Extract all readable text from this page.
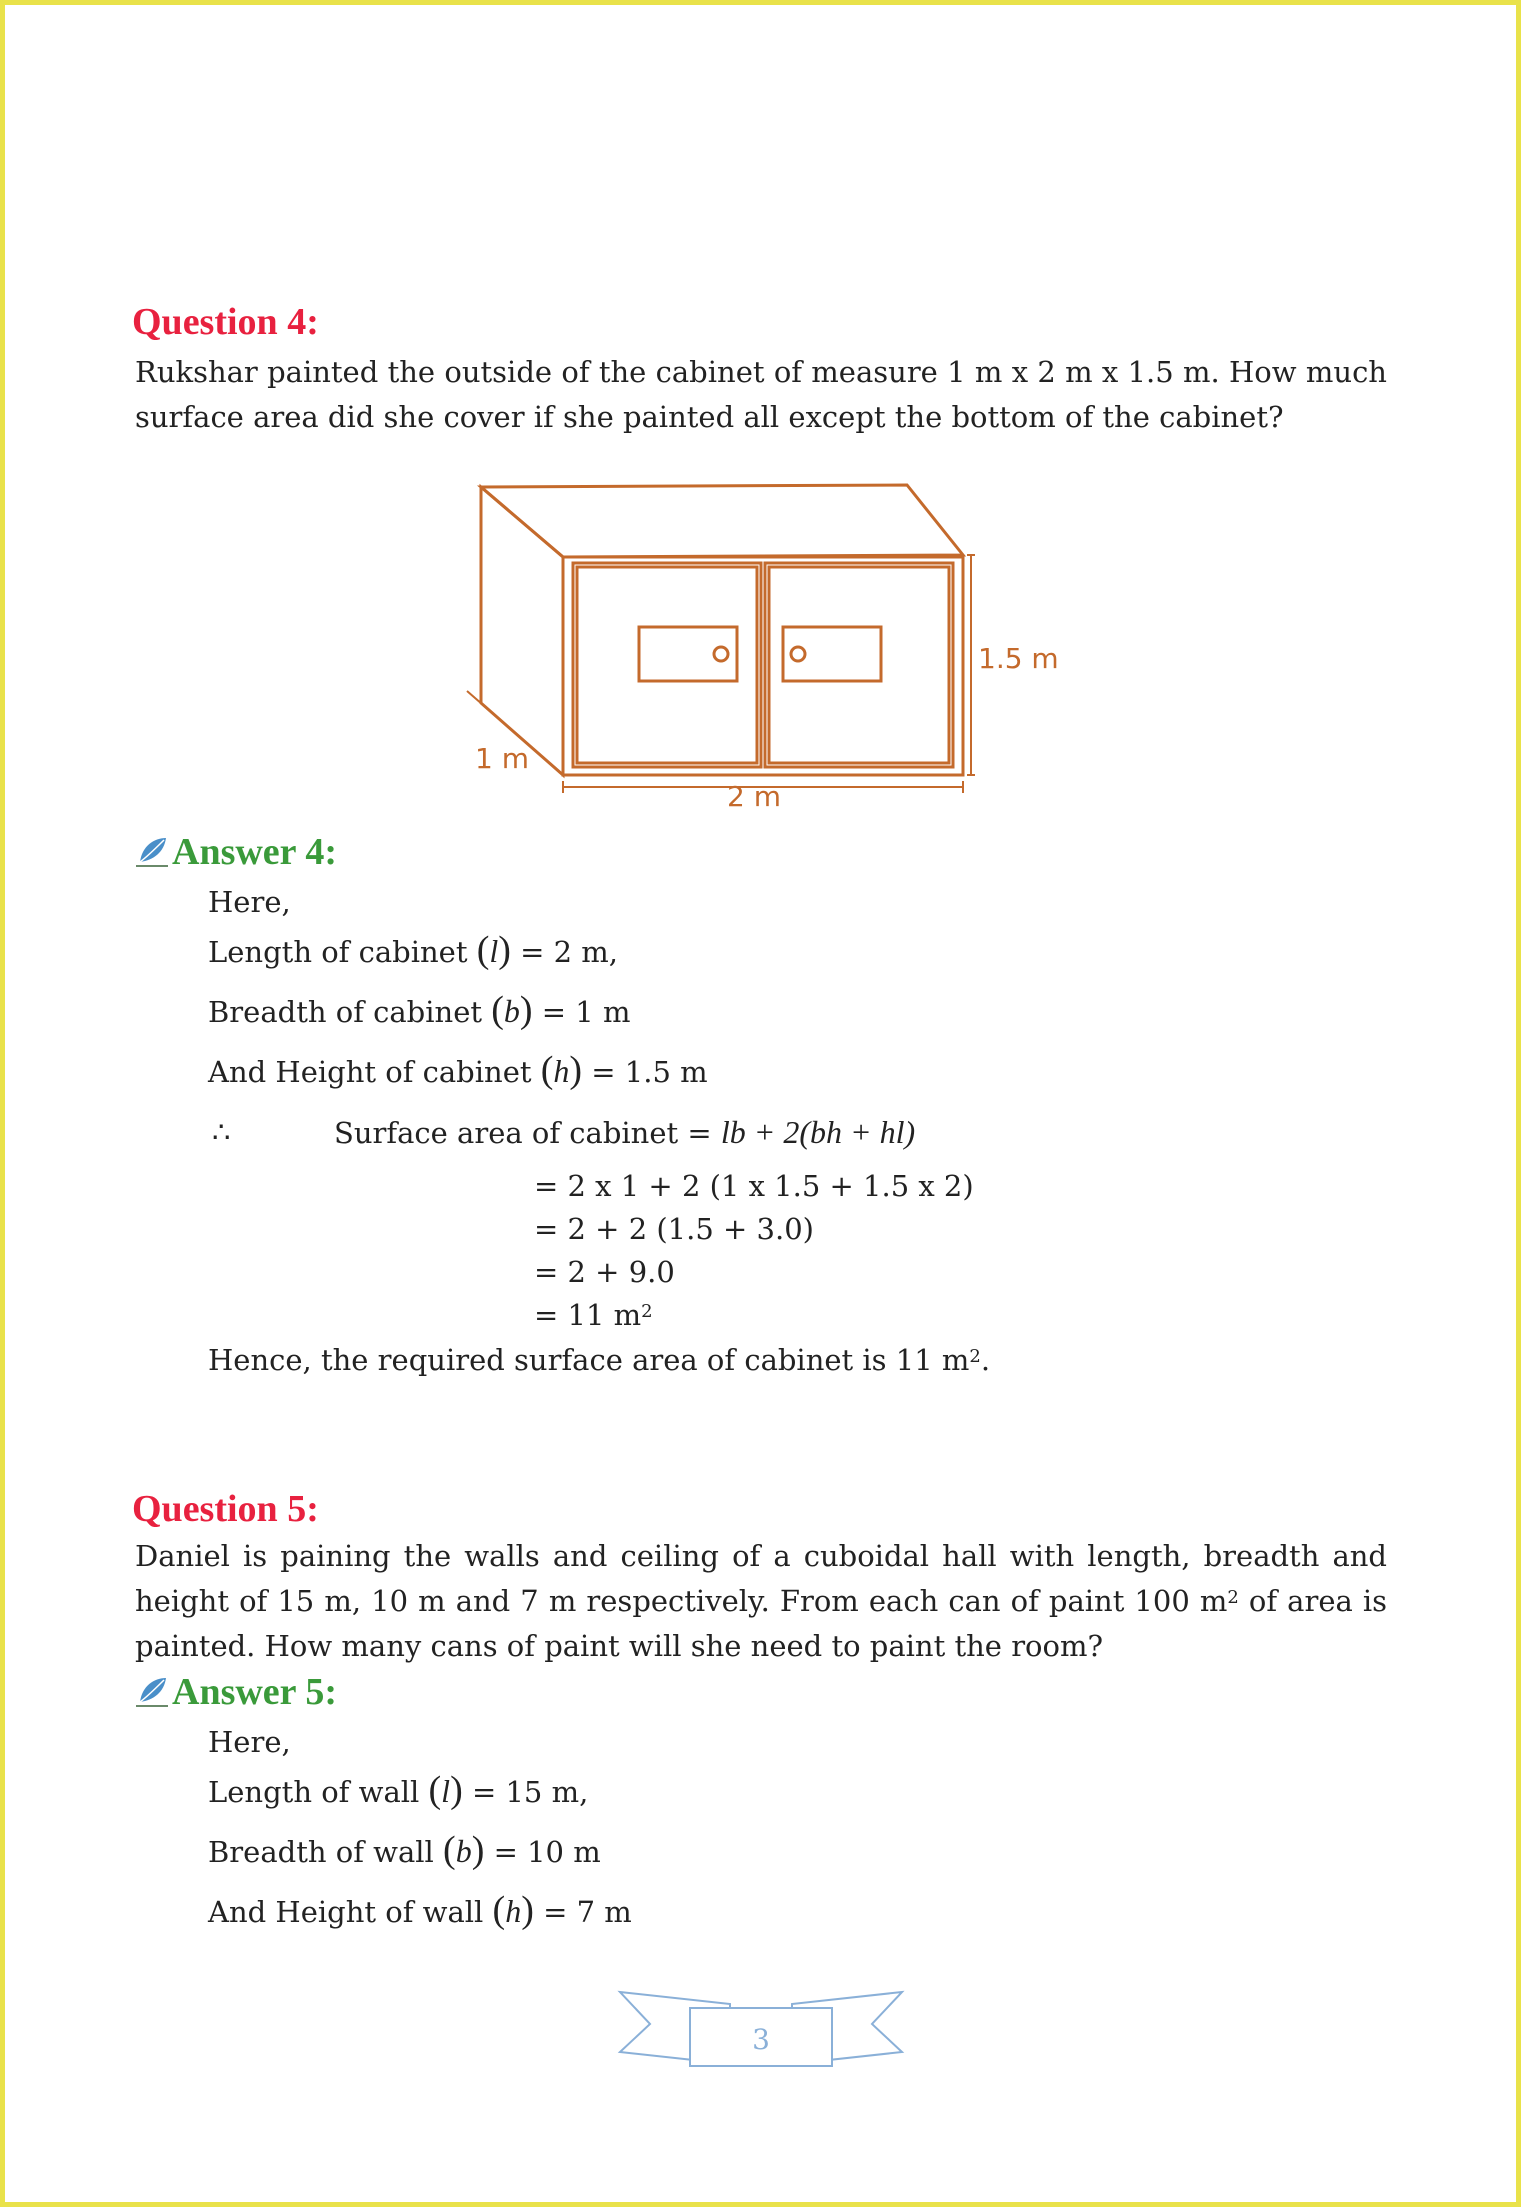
Question 4:
Rukshar painted the outside of the cabinet of measure 1 m x 2 m x 1.5 m. How much surface area did she cover if she painted all except the bottom of the cabinet?
1.5 m
1 m
2 m
Answer 4:
Here,
Length of cabinet (l) = 2 m,
Breadth of cabinet (b) = 1 m
And Height of cabinet (h) = 1.5 m
∴	Surface area of cabinet = lb + 2(bh + hl)
= 2 x 1 + 2 (1 x 1.5 + 1.5 x 2)
= 2 + 2 (1.5 + 3.0)
= 2 + 9.0
= 11 $m^2$
Hence, the required surface area of cabinet is 11 $m^2$.
Question 5:
Daniel is paining the walls and ceiling of a cuboidal hall with length, breadth and height of 15 m, 10 m and 7 m respectively. From each can of paint 100 $m^2$ of area is painted. How many cans of paint will she need to paint the room?
Answer 5:
Here,
Length of wall (l) = 15 m,
Breadth of wall (b) = 10 m
And Height of wall (h) = 7 m
3
